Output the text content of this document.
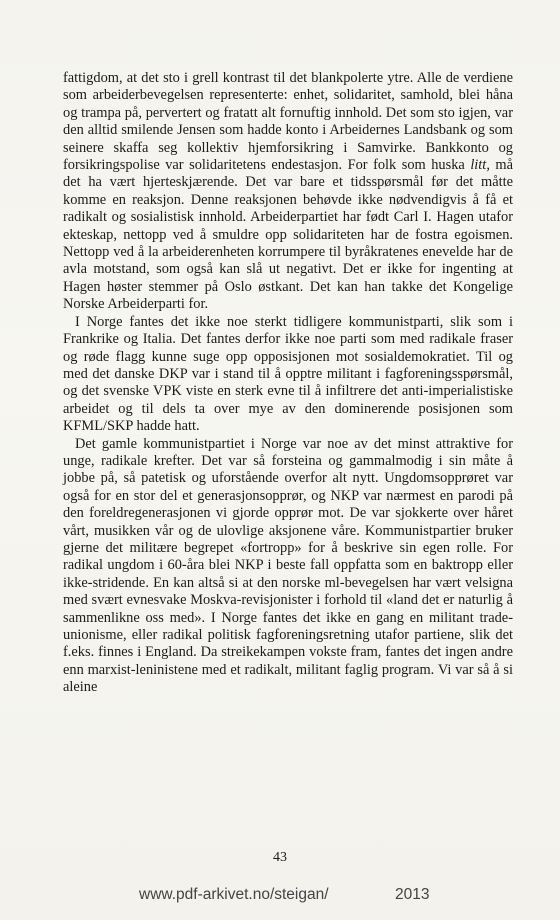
fattigdom, at det sto i grell kontrast til det blankpolerte ytre. Alle de verdiene som arbeiderbevegelsen representerte: enhet, solidaritet, samhold, blei håna og trampa på, pervertert og fratatt alt fornuftig innhold. Det som sto igjen, var den alltid smilende Jensen som hadde konto i Arbeidernes Landsbank og som seinere skaffa seg kollektiv hjemforsikring i Samvirke. Bankkonto og forsikringspolise var solidaritetens endestasjon. For folk som huska litt, må det ha vært hjerteskjærende. Det var bare et tidsspørsmål før det måtte komme en reaksjon. Denne reaksjonen behøvde ikke nødvendigvis å få et radikalt og sosialistisk innhold. Arbeiderpartiet har født Carl I. Hagen utafor ekteskap, nettopp ved å smuldre opp solidariteten har de fostra egoismen. Nettopp ved å la arbeiderenheten korrumpere til byråkratenes enevelde har de avla motstand, som også kan slå ut negativt. Det er ikke for ingenting at Hagen høster stemmer på Oslo østkant. Det kan han takke det Kongelige Norske Arbeiderparti for.

I Norge fantes det ikke noe sterkt tidligere kommunistparti, slik som i Frankrike og Italia. Det fantes derfor ikke noe parti som med radikale fraser og røde flagg kunne suge opp opposisjonen mot sosialdemokratiet. Til og med det danske DKP var i stand til å opptre militant i fagforeningsspørsmål, og det svenske VPK viste en sterk evne til å infiltrere det anti-imperialistiske arbeidet og til dels ta over mye av den dominerende posisjonen som KFML/SKP hadde hatt.

Det gamle kommunistpartiet i Norge var noe av det minst attraktive for unge, radikale krefter. Det var så forsteina og gammalmodig i sin måte å jobbe på, så patetisk og uforstående overfor alt nytt. Ungdomsopprøret var også for en stor del et generasjonsopprør, og NKP var nærmest en parodi på den foreldregenerasjonen vi gjorde opprør mot. De var sjokkerte over håret vårt, musikken vår og de ulovlige aksjonene våre. Kommunistpartier bruker gjerne det militære begrepet «fortropp» for å beskrive sin egen rolle. For radikal ungdom i 60-åra blei NKP i beste fall oppfatta som en baktropp eller ikke-stridende. En kan altså si at den norske ml-bevegelsen har vært velsigna med svært evnesvake Moskva-revisjonister i forhold til «land det er naturlig å sammenlikne oss med». I Norge fantes det ikke en gang en militant trade-unionisme, eller radikal politisk fagforeningsretning utafor partiene, slik det f.eks. finnes i England. Da streikekampen vokste fram, fantes det ingen andre enn marxist-leninistene med et radikalt, militant faglig program. Vi var så å si aleine

43
www.pdf-arkivet.no/steigan/	2013
